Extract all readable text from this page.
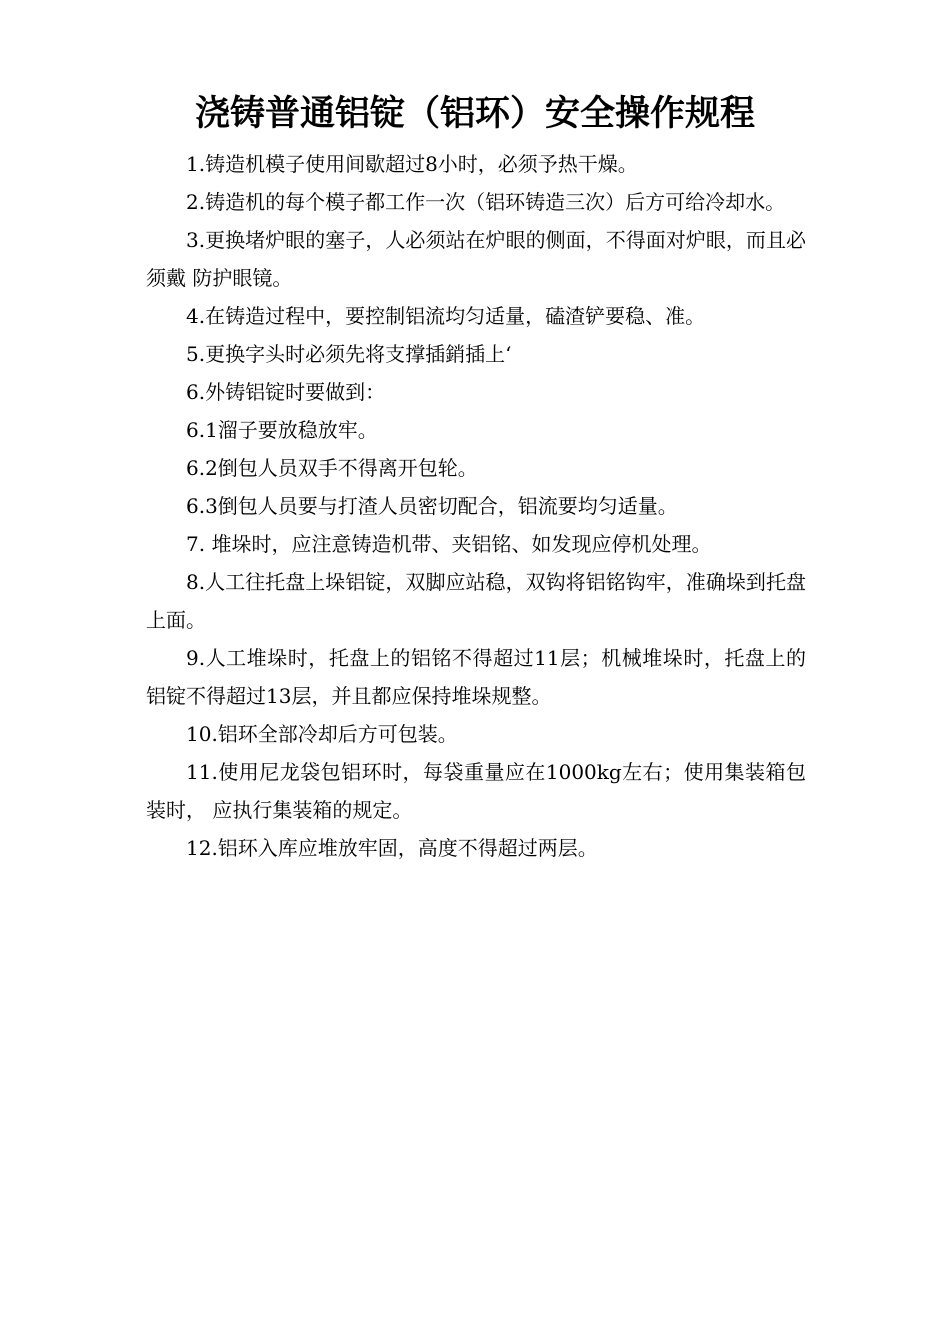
浇铸普通铝锭（铝环）安全操作规程

1.铸造机模子使用间歇超过8小时，必须予热干燥。

2.铸造机的每个模子都工作一次（铝环铸造三次）后方可给冷却水。

3.更换堵炉眼的塞子，人必须站在炉眼的侧面，不得面对炉眼，而且必须戴 防护眼镜。

4.在铸造过程中，要控制铝流均匀适量，磕渣铲要稳、准。

5.更换字头时必须先将支撑插銷插上‘

6.外铸铝锭时要做到：

6.1溜子要放稳放牢。

6.2倒包人员双手不得离开包轮。

6.3倒包人员要与打渣人员密切配合，铝流要均匀适量。

7. 堆垛时，应注意铸造机带、夹铝铭、如发现应停机处理。

8.人工往托盘上垛铝锭，双脚应站稳，双钩将铝铭钩牢，准确垛到托盘上面。

9.人工堆垛时，托盘上的铝铭不得超过11层；机械堆垛时，托盘上的铝锭不得超过13层，并且都应保持堆垛规整。

10.铝环全部冷却后方可包装。

11.使用尼龙袋包铝环时，每袋重量应在1000kg左右；使用集装箱包装时， 应执行集装箱的规定。

12.铝环入库应堆放牢固，高度不得超过两层。
